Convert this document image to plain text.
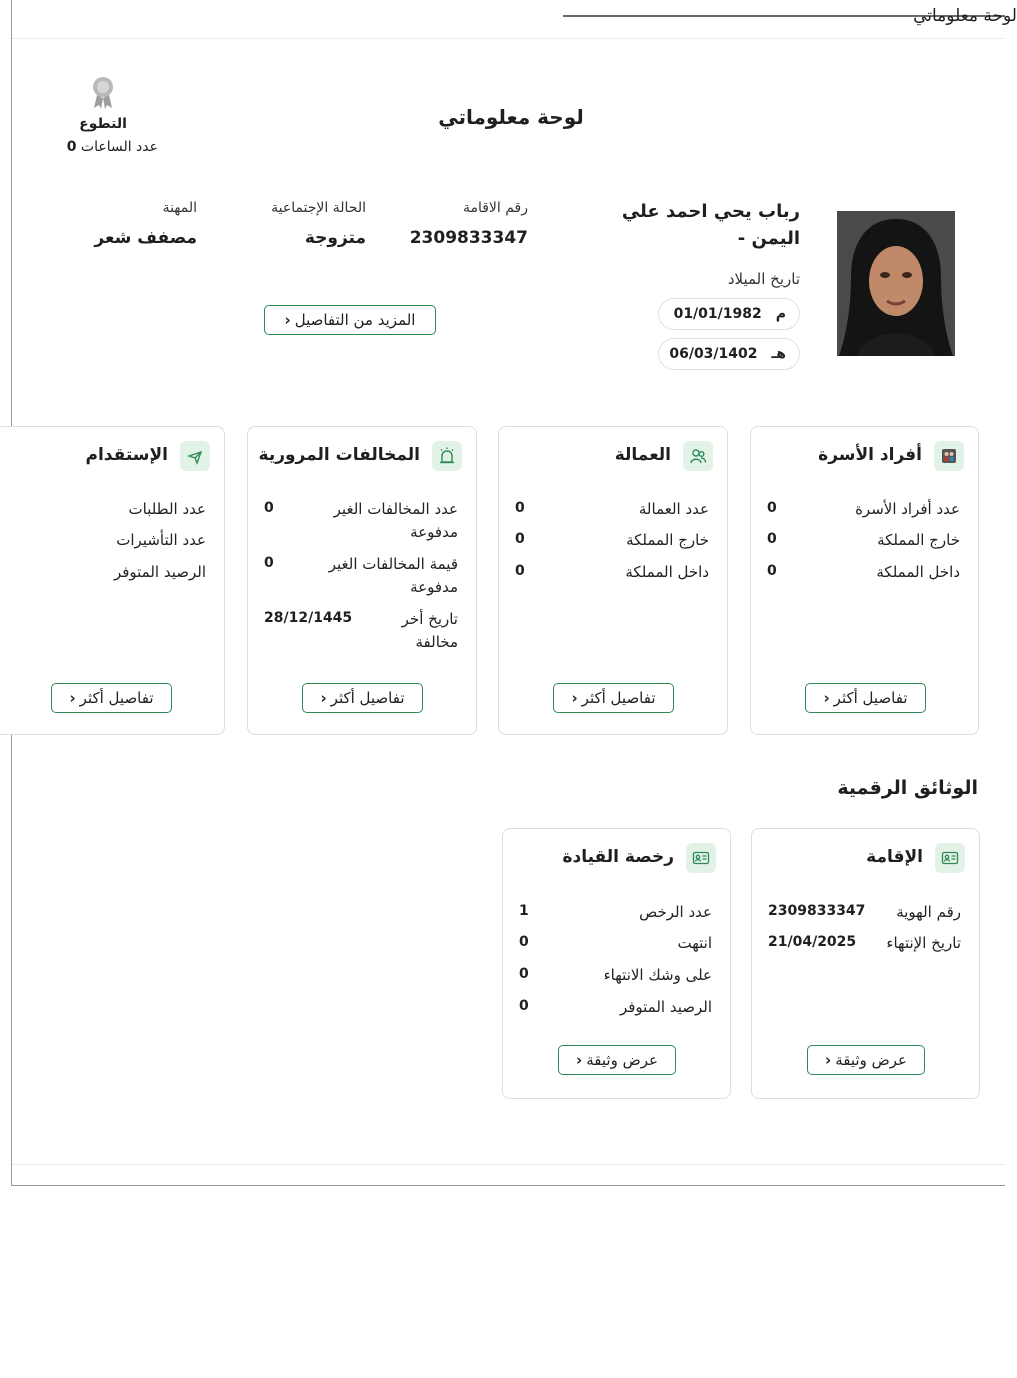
لوحة معلوماتي
لوحة معلوماتي
التطوع
عدد الساعات 0
رباب يحي احمد علي
اليمن -
تاريخ الميلاد
م
01/01/1982
هـ
06/03/1402
رقم الاقامة
2309833347
الحالة الإجتماعية
متزوجة
المهنة
مصفف شعر
المزيد من التفاصيل
‹
أفراد الأسرة
عدد أفراد الأسرة
0
خارج المملكة
0
داخل المملكة
0
تفاصيل أكثر
‹
العمالة
عدد العمالة
0
خارج المملكة
0
داخل المملكة
0
تفاصيل أكثر
‹
المخالفات المرورية
عدد المخالفات الغير مدفوعة
0
قيمة المخالفات الغير مدفوعة
0
تاريخ أخر مخالفة
28/12/1445
تفاصيل أكثر
‹
الإستقدام
عدد الطلبات
عدد التأشيرات
الرصيد المتوفر
تفاصيل أكثر
‹
الوثائق الرقمية
الإقامة
رقم الهوية
2309833347
تاريخ الإنتهاء
21/04/2025
عرض وثيقة
‹
رخصة القيادة
عدد الرخص
1
انتهت
0
على وشك الانتهاء
0
الرصيد المتوفر
0
عرض وثيقة
‹
